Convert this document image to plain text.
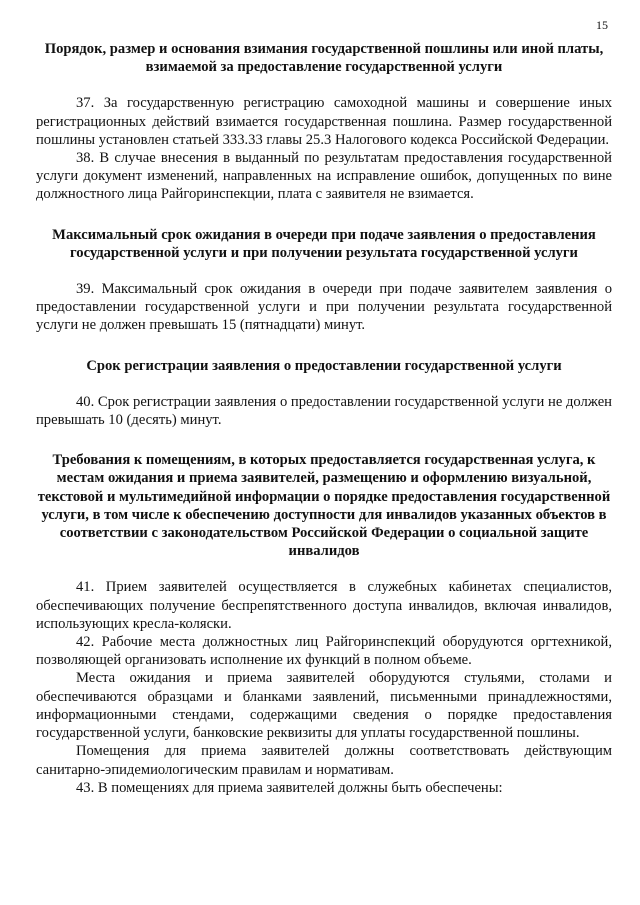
15

Порядок, размер и основания взимания государственной пошлины или иной платы, взимаемой за предоставление государственной услуги

37. За государственную регистрацию самоходной машины и совершение иных регистрационных действий взимается государственная пошлина. Размер государственной пошлины установлен статьей 333.33 главы 25.3 Налогового кодекса Российской Федерации.

38. В случае внесения в выданный по результатам предоставления государственной услуги документ изменений, направленных на исправление ошибок, допущенных по вине должностного лица Райгоринспекции, плата с заявителя не взимается.

Максимальный срок ожидания в очереди при подаче заявления о предоставления государственной услуги и при получении результата государственной услуги

39. Максимальный срок ожидания в очереди при подаче заявителем заявления о предоставлении государственной услуги и при получении результата государственной услуги не должен превышать 15 (пятнадцати) минут.

Срок регистрации заявления о предоставлении государственной услуги

40. Срок регистрации заявления о предоставлении государственной услуги не должен превышать 10 (десять) минут.

Требования к помещениям, в которых предоставляется государственная услуга, к местам ожидания и приема заявителей, размещению и оформлению визуальной, текстовой и мультимедийной информации о порядке предоставления государственной услуги, в том числе к обеспечению доступности для инвалидов указанных объектов в соответствии с законодательством Российской Федерации о социальной защите инвалидов

41. Прием заявителей осуществляется в служебных кабинетах специалистов, обеспечивающих получение беспрепятственного доступа инвалидов, включая инвалидов, использующих кресла-коляски.

42. Рабочие места должностных лиц Райгоринспекций оборудуются оргтехникой, позволяющей организовать исполнение их функций в полном объеме.

Места ожидания и приема заявителей оборудуются стульями, столами и обеспечиваются образцами и бланками заявлений, письменными принадлежностями, информационными стендами, содержащими сведения о порядке предоставления государственной услуги, банковские реквизиты для уплаты государственной пошлины.

Помещения для приема заявителей должны соответствовать действующим санитарно-эпидемиологическим правилам и нормативам.

43. В помещениях для приема заявителей должны быть обеспечены:
